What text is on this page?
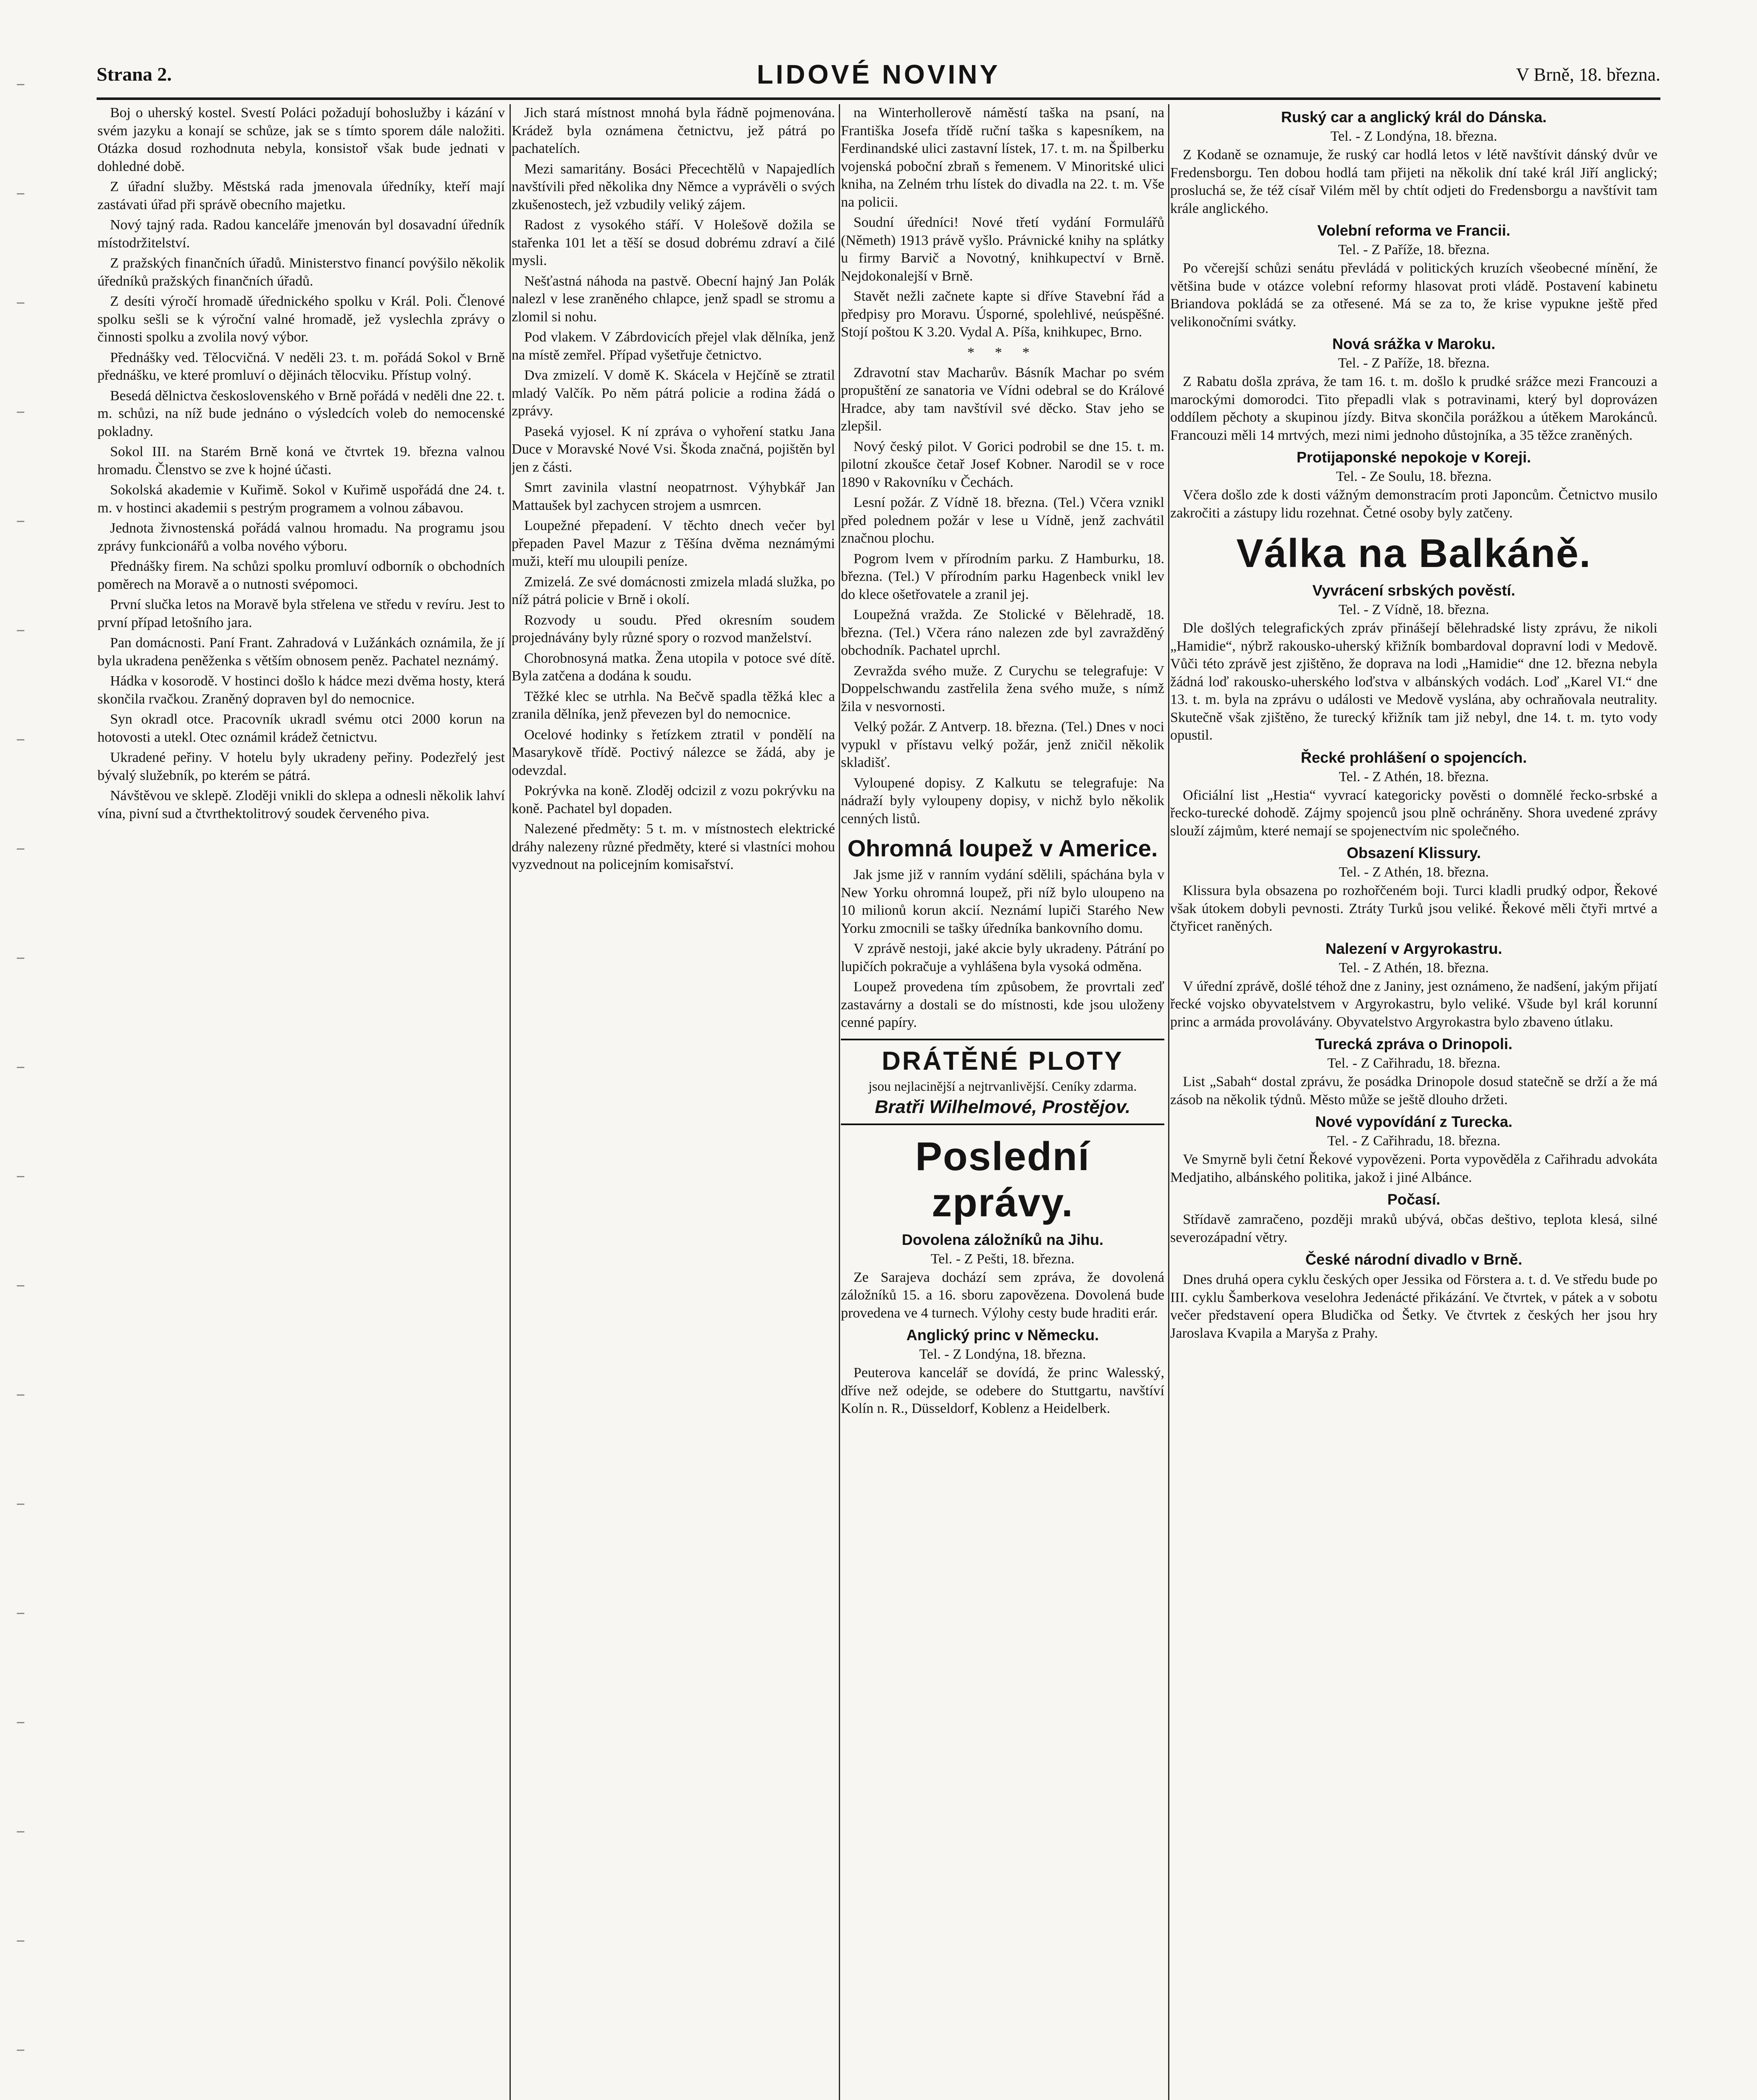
Strana 2.	LIDOVÉ NOVINY	V Brně, 18. března.

Boj o uherský kostel. Svestí Poláci požadují bohoslužby i kázání v svém jazyku a konají se schůze, jak se s tímto sporem dále naložiti. Otázka dosud rozhodnuta nebyla, konsistoř však bude jednati v dohledné době.

Z úřadní služby. Městská rada jmenovala úředníky, kteří mají zastávati úřad při správě obecního majetku.

Nový tajný rada. Radou kanceláře jmenován byl dosavadní úředník místodržitelství.

Z pražských finančních úřadů. Ministerstvo financí povýšilo několik úředníků pražských finančních úřadů.

Z desíti výročí hromadě úřednického spolku v Král. Poli. Členové spolku sešli se k výroční valné hromadě, jež vyslechla zprávy o činnosti spolku a zvolila nový výbor.

Přednášky ved. Tělocvičná. V neděli 23. t. m. pořádá Sokol v Brně přednášku, ve které promluví o dějinách tělocviku. Přístup volný.

Besedá dělnictva československého v Brně pořádá v neděli dne 22. t. m. schůzi, na níž bude jednáno o výsledcích voleb do nemocenské pokladny.

Sokol III. na Starém Brně koná ve čtvrtek 19. března valnou hromadu. Členstvo se zve k hojné účasti.

Sokolská akademie v Kuřimě. Sokol v Kuřimě uspořádá dne 24. t. m. v hostinci akademii s pestrým programem a volnou zábavou.

Jednota živnostenská pořádá valnou hromadu. Na programu jsou zprávy funkcionářů a volba nového výboru.

Přednášky firem. Na schůzi spolku promluví odborník o obchodních poměrech na Moravě a o nutnosti svépomoci.

První slučka letos na Moravě byla střelena ve středu v revíru. Jest to první případ letošního jara.

Pan domácnosti. Paní Frant. Zahradová v Lužánkách oznámila, že jí byla ukradena peněženka s větším obnosem peněz. Pachatel neznámý.

Hádka v kosorodě. V hostinci došlo k hádce mezi dvěma hosty, která skončila rvačkou. Zraněný dopraven byl do nemocnice.

Syn okradl otce. Pracovník ukradl svému otci 2000 korun na hotovosti a utekl. Otec oznámil krádež četnictvu.

Ukradené peřiny. V hotelu byly ukradeny peřiny. Podezřelý jest bývalý služebník, po kterém se pátrá.

Návštěvou ve sklepě. Zloději vnikli do sklepa a odnesli několik lahví vína, pivní sud a čtvrthektolitrový soudek červeného piva.

Jich stará místnost mnohá byla řádně pojmenována. Krádež byla oznámena četnictvu, jež pátrá po pachatelích.

Mezi samaritány. Bosáci Přecechtělů v Napajedlích navštívili před několika dny Němce a vyprávěli o svých zkušenostech, jež vzbudily veliký zájem.

Radost z vysokého stáří. V Holešově dožila se stařenka 101 let a těší se dosud dobrému zdraví a čilé mysli.

Nešťastná náhoda na pastvě. Obecní hajný Jan Polák nalezl v lese zraněného chlapce, jenž spadl se stromu a zlomil si nohu.

Pod vlakem. V Zábrdovicích přejel vlak dělníka, jenž na místě zemřel. Případ vyšetřuje četnictvo.

Dva zmizelí. V domě K. Skácela v Hejčíně se ztratil mladý Valčík. Po něm pátrá policie a rodina žádá o zprávy.

Paseká vyjosel. K ní zpráva o vyhoření statku Jana Duce v Moravské Nové Vsi. Škoda značná, pojištěn byl jen z části.

Smrt zavinila vlastní neopatrnost. Výhybkář Jan Mattaušek byl zachycen strojem a usmrcen.

Loupežné přepadení. V těchto dnech večer byl přepaden Pavel Mazur z Těšína dvěma neznámými muži, kteří mu uloupili peníze.

Zmizelá. Ze své domácnosti zmizela mladá služka, po níž pátrá policie v Brně i okolí.

Rozvody u soudu. Před okresním soudem projednávány byly různé spory o rozvod manželství.

Chorobnosyná matka. Žena utopila v potoce své dítě. Byla zatčena a dodána k soudu.

Těžké klec se utrhla. Na Bečvě spadla těžká klec a zranila dělníka, jenž převezen byl do nemocnice.

Ocelové hodinky s řetízkem ztratil v pondělí na Masarykově třídě. Poctivý nálezce se žádá, aby je odevzdal.

Pokrývka na koně. Zloděj odcizil z vozu pokrývku na koně. Pachatel byl dopaden.

Nalezené předměty: 5 t. m. v místnostech elektrické dráhy nalezeny různé předměty, které si vlastníci mohou vyzvednout na policejním komisařství.

na Winterhollerově náměstí taška na psaní, na Františka Josefa třídě ruční taška s kapesníkem, na Ferdinandské ulici zastavní lístek, 17. t. m. na Špilberku vojenská poboční zbraň s řemenem. V Minoritské ulici kniha, na Zelném trhu lístek do divadla na 22. t. m. Vše na policii.

Soudní úředníci! Nové třetí vydání Formulářů (Němeth) 1913 právě vyšlo. Právnické knihy na splátky u firmy Barvič a Novotný, knihkupectví v Brně. Nejdokonalejší v Brně.

Stavět nežli začnete kapte si dříve Stavební řád a předpisy pro Moravu. Úsporné, spolehlivé, neúspěšné. Stojí poštou K 3.20. Vydal A. Píša, knihkupec, Brno.

* * *

Zdravotní stav Macharův. Básník Machar po svém propuštění ze sanatoria ve Vídni odebral se do Králové Hradce, aby tam navštívil své děcko. Stav jeho se zlepšil.

Nový český pilot. V Gorici podrobil se dne 15. t. m. pilotní zkoušce četař Josef Kobner. Narodil se v roce 1890 v Rakovníku v Čechách.

Lesní požár. Z Vídně 18. března. (Tel.) Včera vznikl před polednem požár v lese u Vídně, jenž zachvátil značnou plochu.

Pogrom lvem v přírodním parku. Z Hamburku, 18. března. (Tel.) V přírodním parku Hagenbeck vnikl lev do klece ošetřovatele a zranil jej.

Loupežná vražda. Ze Stolické v Bělehradě, 18. března. (Tel.) Včera ráno nalezen zde byl zavražděný obchodník. Pachatel uprchl.

Zevražda svého muže. Z Curychu se telegrafuje: V Doppelschwandu zastřelila žena svého muže, s nímž žila v nesvornosti.

Velký požár. Z Antverp. 18. března. (Tel.) Dnes v noci vypukl v přístavu velký požár, jenž zničil několik skladišť.

Vyloupené dopisy. Z Kalkutu se telegrafuje: Na nádraží byly vyloupeny dopisy, v nichž bylo několik cenných listů.

Ohromná loupež v Americe.

Jak jsme již v ranním vydání sdělili, spáchána byla v New Yorku ohromná loupež, při níž bylo uloupeno na 10 milionů korun akcií. Neznámí lupiči Starého New Yorku zmocnili se tašky úředníka bankovního domu.

V zprávě nestoji, jaké akcie byly ukradeny. Pátrání po lupičích pokračuje a vyhlášena byla vysoká odměna.

Loupež provedena tím způsobem, že provrtali zeď zastavárny a dostali se do místnosti, kde jsou uloženy cenné papíry.

DRÁTĚNÉ PLOTY
jsou nejlacinější a nejtrvanlivější. Ceníky zdarma.
Bratři Wilhelmové, Prostějov.
Poslední zprávy.
Dovolena záložníků na Jihu.
Tel. - Z Pešti, 18. března.

Ze Sarajeva dochází sem zpráva, že dovolená záložníků 15. a 16. sboru zapovězena. Dovolená bude provedena ve 4 turnech. Výlohy cesty bude hraditi erár.

Anglický princ v Německu.
Tel. - Z Londýna, 18. března.

Peuterova kancelář se dovídá, že princ Walesský, dříve než odejde, se odebere do Stuttgartu, navštíví Kolín n. R., Düsseldorf, Koblenz a Heidelberk.

Ruský car a anglický král do Dánska.
Tel. - Z Londýna, 18. března.

Z Kodaně se oznamuje, že ruský car hodlá letos v létě navštívit dánský dvůr ve Fredensborgu. Ten dobou hodlá tam přijeti na několik dní také král Jiří anglický; prosluchá se, že též císař Vilém měl by chtít odjeti do Fredensborgu a navštívit tam krále anglického.

Volební reforma ve Francii.
Tel. - Z Paříže, 18. března.

Po včerejší schůzi senátu převládá v politických kruzích všeobecné mínění, že většina bude v otázce volební reformy hlasovat proti vládě. Postavení kabinetu Briandova pokládá se za otřesené. Má se za to, že krise vypukne ještě před velikonočními svátky.

Nová srážka v Maroku.
Tel. - Z Paříže, 18. března.

Z Rabatu došla zpráva, že tam 16. t. m. došlo k prudké srážce mezi Francouzi a marockými domorodci. Tito přepadli vlak s potravinami, který byl doprovázen oddílem pěchoty a skupinou jízdy. Bitva skončila porážkou a útěkem Marokánců. Francouzi měli 14 mrtvých, mezi nimi jednoho důstojníka, a 35 těžce zraněných.

Protijaponské nepokoje v Koreji.
Tel. - Ze Soulu, 18. března.

Včera došlo zde k dosti vážným demonstracím proti Japoncům. Četnictvo musilo zakročiti a zástupy lidu rozehnat. Četné osoby byly zatčeny.

Válka na Balkáně.
Vyvrácení srbských pověstí.
Tel. - Z Vídně, 18. března.

Dle došlých telegrafických zpráv přinášejí bělehradské listy zprávu, že nikoli „Hamidie“, nýbrž rakousko-uherský křižník bombardoval dopravní lodi v Medově. Vůči této zprávě jest zjištěno, že doprava na lodi „Hamidie“ dne 12. března nebyla žádná loď rakousko-uherského loďstva v albánských vodách. Loď „Karel VI.“ dne 13. t. m. byla na zprávu o události ve Medově vyslána, aby ochraňovala neutrality. Skutečně však zjištěno, že turecký křižník tam již nebyl, dne 14. t. m. tyto vody opustil.

Řecké prohlášení o spojencích.
Tel. - Z Athén, 18. března.

Oficiální list „Hestia“ vyvrací kategoricky pověsti o domnělé řecko-srbské a řecko-turecké dohodě. Zájmy spojenců jsou plně ochráněny. Shora uvedené zprávy slouží zájmům, které nemají se spojenectvím nic společného.

Obsazení Klissury.
Tel. - Z Athén, 18. března.

Klissura byla obsazena po rozhořčeném boji. Turci kladli prudký odpor, Řekové však útokem dobyli pevnosti. Ztráty Turků jsou veliké. Řekové měli čtyři mrtvé a čtyřicet raněných.

Nalezení v Argyrokastru.
Tel. - Z Athén, 18. března.

V úřední zprávě, došlé téhož dne z Janiny, jest oznámeno, že nadšení, jakým přijatí řecké vojsko obyvatelstvem v Argyrokastru, bylo veliké. Všude byl král korunní princ a armáda provolávány. Obyvatelstvo Argyrokastra bylo zbaveno útlaku.

Turecká zpráva o Drinopoli.
Tel. - Z Cařihradu, 18. března.

List „Sabah“ dostal zprávu, že posádka Drinopole dosud statečně se drží a že má zásob na několik týdnů. Město může se ještě dlouho držeti.

Nové vypovídání z Turecka.
Tel. - Z Cařihradu, 18. března.

Ve Smyrně byli četní Řekové vypovězeni. Porta vypověděla z Cařihradu advokáta Medjatiho, albánského politika, jakož i jiné Albánce.

Počasí.

Střídavě zamračeno, později mraků ubývá, občas deštivo, teplota klesá, silné severozápadní větry.

České národní divadlo v Brně.

Dnes druhá opera cyklu českých oper Jessika od Förstera a. t. d. Ve středu bude po III. cyklu Šamberkova veselohra Jedenácté přikázání. Ve čtvrtek, v pátek a v sobotu večer představení opera Bludička od Šetky. Ve čtvrtek z českých her jsou hry Jaroslava Kvapila a Maryša z Prahy.
